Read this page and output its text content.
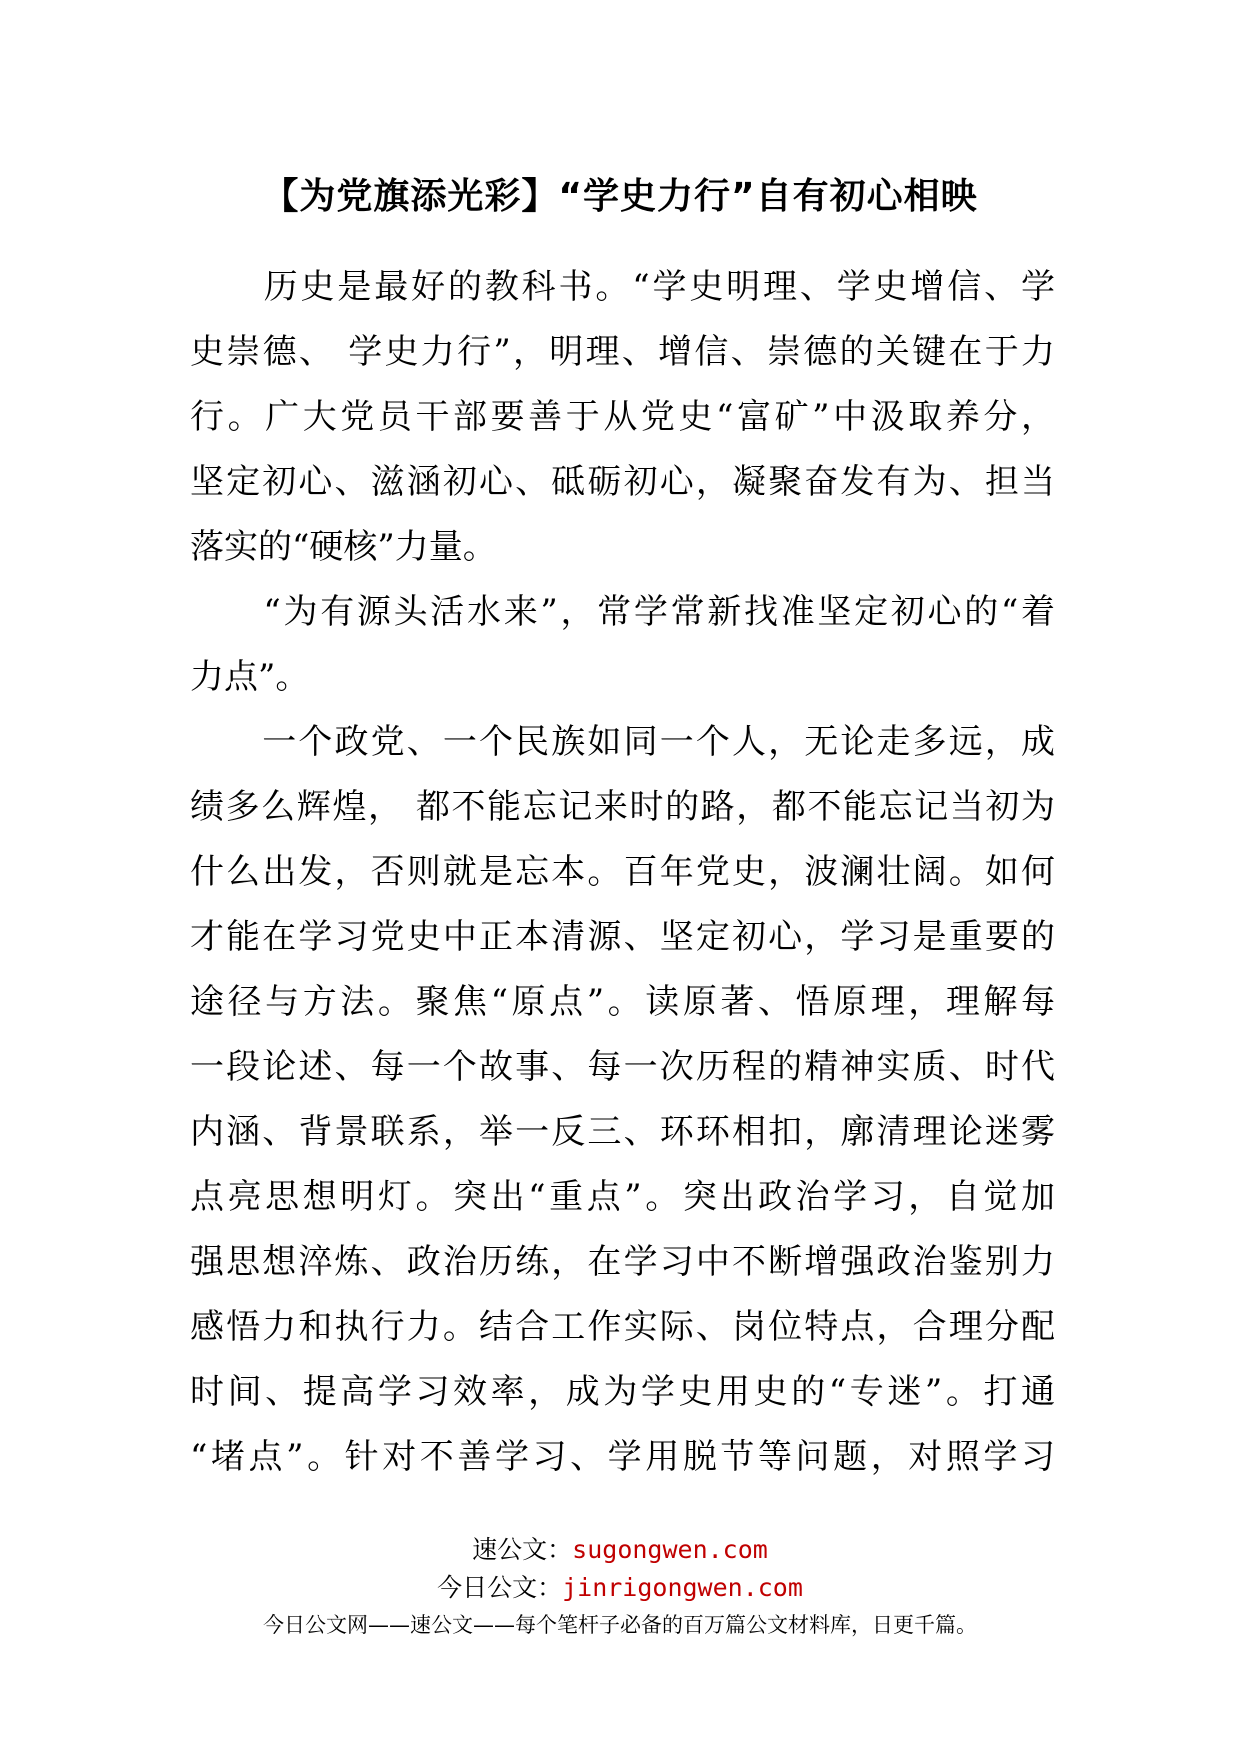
【为党旗添光彩】“学史力行”自有初心相映
　　历史是最好的教科书。“学史明理、学史增信、学
史崇德、 学史力行”，明理、增信、崇德的关键在于力
行。广大党员干部要善于从党史“富矿”中汲取养分，
坚定初心、滋涵初心、砥砺初心，凝聚奋发有为、担当
落实的“硬核”力量。
　　“为有源头活水来”，常学常新找准坚定初心的“着
力点”。
　　一个政党、一个民族如同一个人，无论走多远，成
绩多么辉煌， 都不能忘记来时的路，都不能忘记当初为
什么出发，否则就是忘本。百年党史，波澜壮阔。如何
才能在学习党史中正本清源、坚定初心，学习是重要的
途径与方法。聚焦“原点”。读原著、悟原理，理解每
一段论述、每一个故事、每一次历程的精神实质、时代
内涵、背景联系，举一反三、环环相扣，廓清理论迷雾
点亮思想明灯。突出“重点”。突出政治学习，自觉加
强思想淬炼、政治历练，在学习中不断增强政治鉴别力
感悟力和执行力。结合工作实际、岗位特点，合理分配
时间、提高学习效率，成为学史用史的“专迷”。打通
“堵点”。针对不善学习、学用脱节等问题，对照学习
速公文：sugongwen.com
今日公文：jinrigongwen.com
今日公文网——速公文——每个笔杆子必备的百万篇公文材料库，日更千篇。
